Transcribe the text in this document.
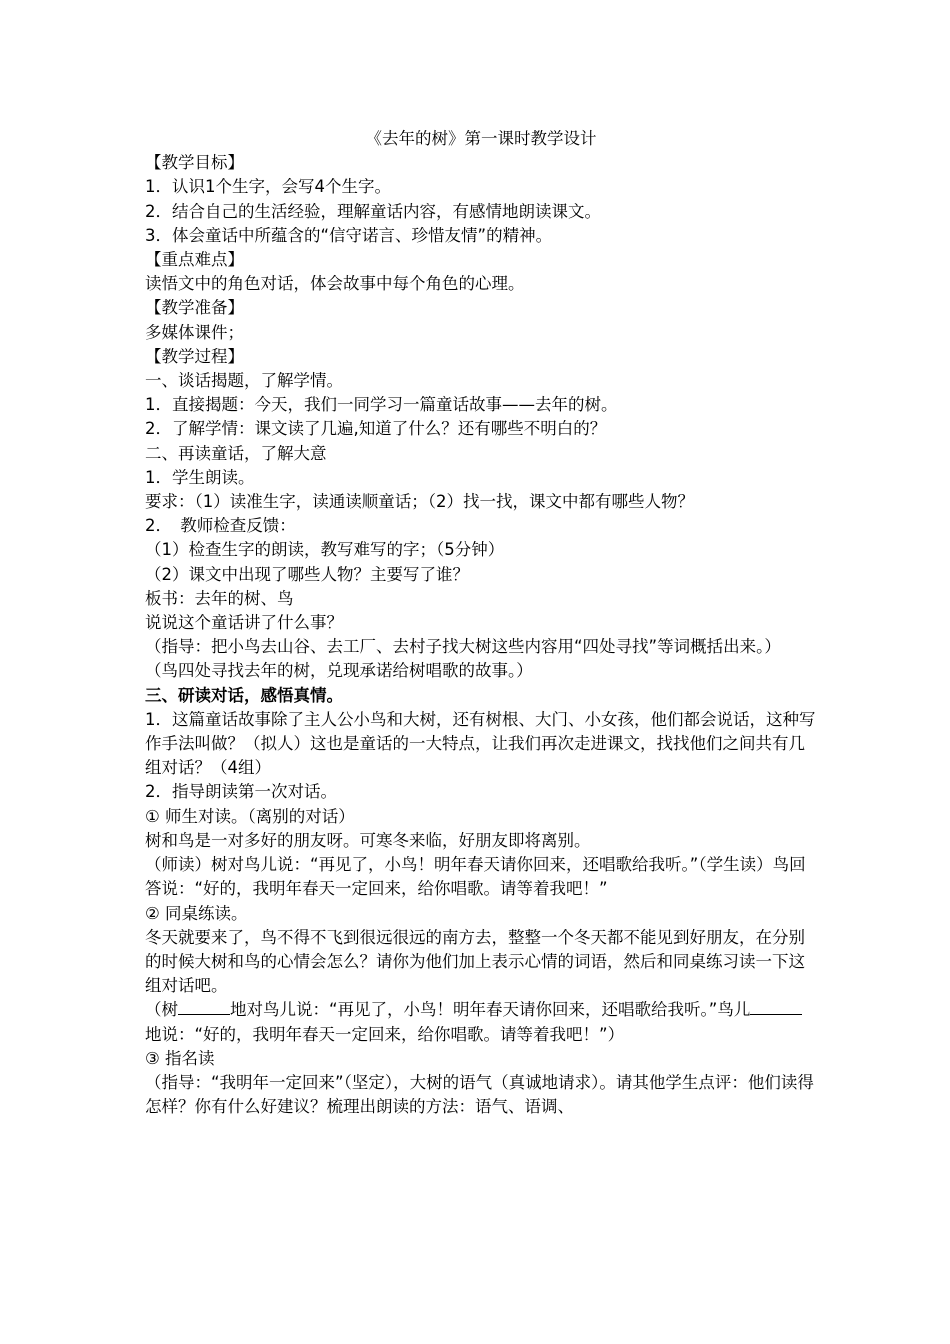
《去年的树》第一课时教学设计

【教学目标】

1．认识1个生字，会写4个生字。

2．结合自己的生活经验，理解童话内容，有感情地朗读课文。

3．体会童话中所蕴含的“信守诺言、珍惜友情”的精神。

【重点难点】

读悟文中的角色对话，体会故事中每个角色的心理。

【教学准备】

多媒体课件；

【教学过程】

一、谈话揭题，了解学情。

1．直接揭题：今天，我们一同学习一篇童话故事——去年的树。

2．了解学情：课文读了几遍,知道了什么？还有哪些不明白的？

二、再读童话，了解大意

1．学生朗读。

要求：（1）读准生字，读通读顺童话；（2）找一找，课文中都有哪些人物？

2．　教师检查反馈：

（1）检查生字的朗读，教写难写的字；（5分钟）

（2）课文中出现了哪些人物？主要写了谁？

板书：去年的树、鸟

说说这个童话讲了什么事？

（指导：把小鸟去山谷、去工厂、去村子找大树这些内容用“四处寻找”等词概括出来。）

（鸟四处寻找去年的树，兑现承诺给树唱歌的故事。）

三、研读对话，感悟真情。

1．这篇童话故事除了主人公小鸟和大树，还有树根、大门、小女孩，他们都会说话，这种写作手法叫做？（拟人）这也是童话的一大特点，让我们再次走进课文，找找他们之间共有几组对话？（4组）

2．指导朗读第一次对话。

① 师生对读。（离别的对话）

树和鸟是一对多好的朋友呀。可寒冬来临，好朋友即将离别。

（师读）树对鸟儿说：“再见了，小鸟！明年春天请你回来，还唱歌给我听。”（学生读）鸟回答说：“好的，我明年春天一定回来，给你唱歌。请等着我吧！”

② 同桌练读。

冬天就要来了，鸟不得不飞到很远很远的南方去，整整一个冬天都不能见到好朋友，在分别的时候大树和鸟的心情会怎么？请你为他们加上表示心情的词语，然后和同桌练习读一下这组对话吧。

（树	地对鸟儿说：“再见了，小鸟！明年春天请你回来，还唱歌给我听。”鸟儿地说：“好的，我明年春天一定回来，给你唱歌。请等着我吧！”）

③ 指名读

（指导：“我明年一定回来”（坚定），大树的语气（真诚地请求）。请其他学生点评：他们读得怎样？你有什么好建议？梳理出朗读的方法：语气、语调、
